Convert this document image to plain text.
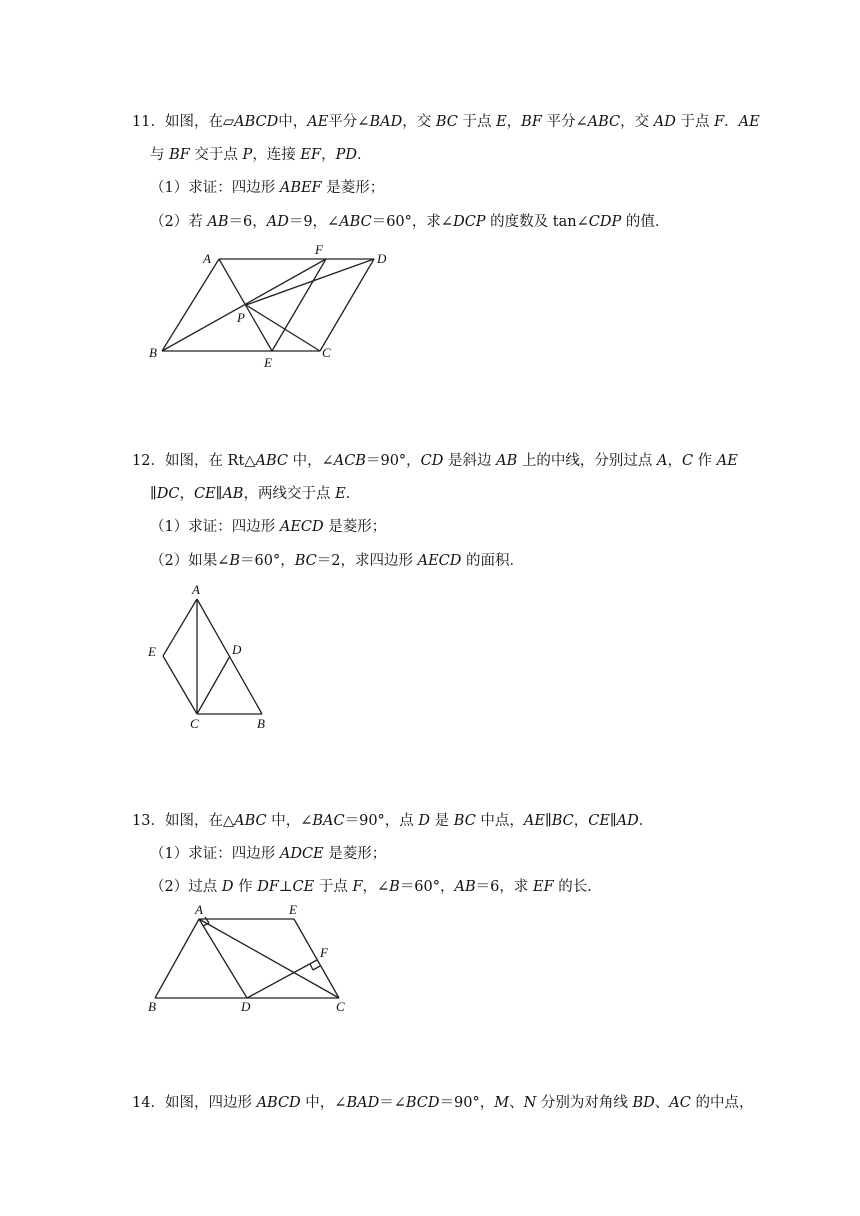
11．如图，在▱ABCD中，AE平分∠BAD，交 BC 于点 E，BF 平分∠ABC，交 AD 于点 F．AE
与 BF 交于点 P，连接 EF，PD．
（1）求证：四边形 ABEF 是菱形；
（2）若 AB＝6，AD＝9，∠ABC＝60°，求∠DCP 的度数及 tan∠CDP 的值．
A
F
D
P
B
E
C
12．如图，在 Rt△ABC 中，∠ACB＝90°，CD 是斜边 AB 上的中线，分别过点 A，C 作 AE
∥DC，CE∥AB，两线交于点 E．
（1）求证：四边形 AECD 是菱形；
（2）如果∠B＝60°，BC＝2，求四边形 AECD 的面积．
A
E	D
C	B
13．如图，在△ABC 中，∠BAC＝90°，点 D 是 BC 中点，AE∥BC，CE∥AD．
（1）求证：四边形 ADCE 是菱形；
（2）过点 D 作 DF⊥CE 于点 F，∠B＝60°，AB＝6，求 EF 的长．
A	E
F
B	D	C
14．如图，四边形 ABCD 中，∠BAD＝∠BCD＝90°，M、N 分别为对角线 BD、AC 的中点，
